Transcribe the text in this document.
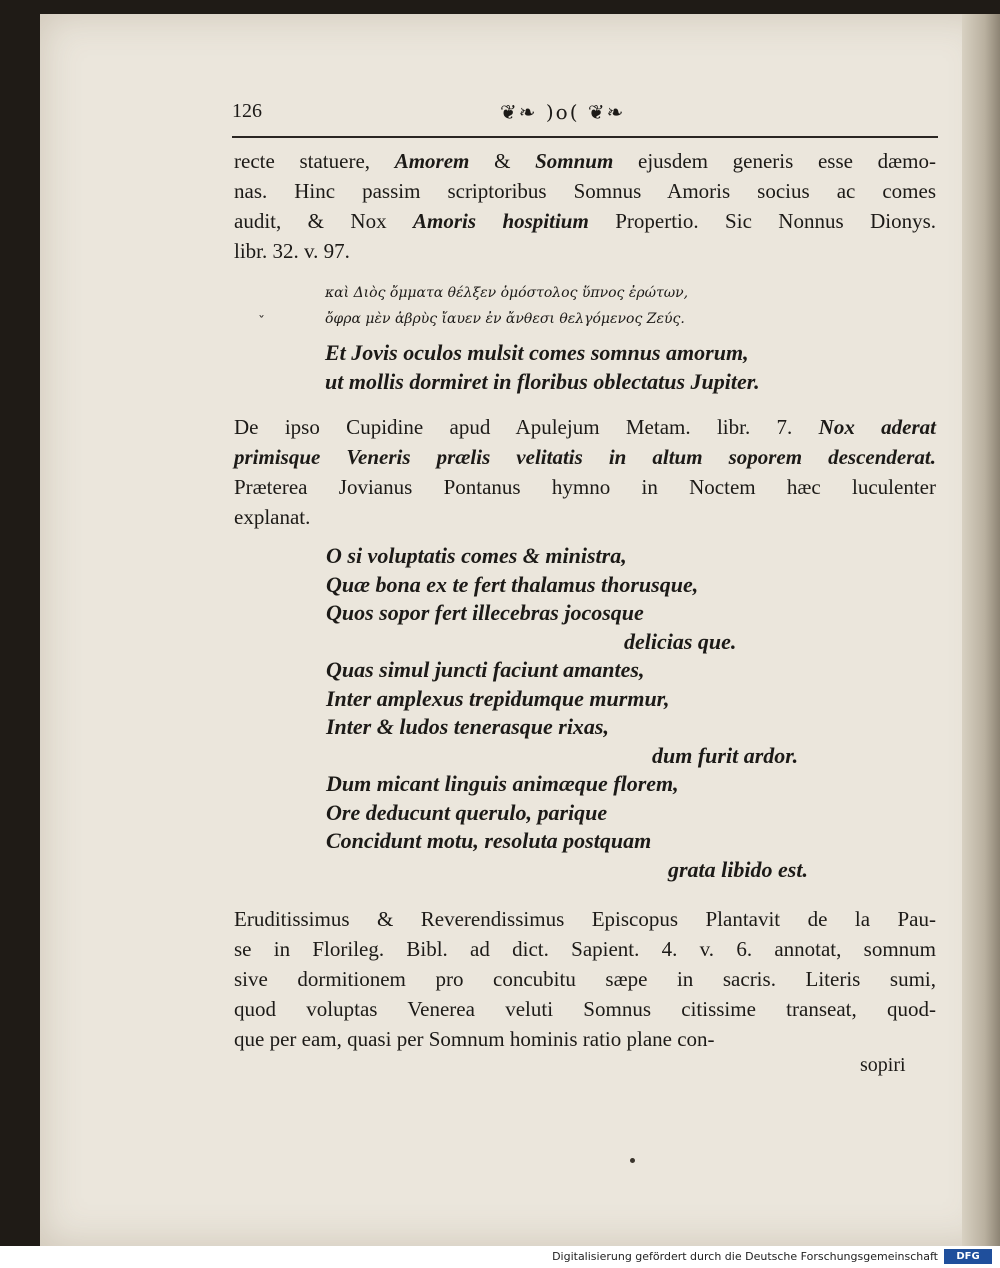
126	❦❧ )o( ❦❧
recte statuere, Amorem & Somnum ejusdem generis esse dæmo-
nas. Hinc passim scriptoribus Somnus Amoris socius ac comes
audit, & Nox Amoris hospitium Propertio. Sic Nonnus Dionys.
libr. 32. v. 97.
ˇ
καὶ Διὸς ὄμματα θέλξεν ὁμόστολος ὕπνος ἐρώτων,
ὄφρα μὲν ἁβρὺς ἴαυεν ἐν ἄνθεσι θελγόμενος Ζεύς.
Et Jovis oculos mulsit comes somnus amorum,
ut mollis dormiret in floribus oblectatus Jupiter.
De ipso Cupidine apud Apulejum Metam. libr. 7. Nox aderat
primisque Veneris prælis velitatis in altum soporem descenderat.
Præterea Jovianus Pontanus hymno in Noctem hæc luculenter
explanat.
O si voluptatis comes & ministra,
Quæ bona ex te fert thalamus thorusque,
Quos sopor fert illecebras jocosque
delicias que.
Quas simul juncti faciunt amantes,
Inter amplexus trepidumque murmur,
Inter & ludos tenerasque rixas,
dum furit ardor.
Dum micant linguis animæque florem,
Ore deducunt querulo, parique
Concidunt motu, resoluta postquam
grata libido est.
Eruditissimus & Reverendissimus Episcopus Plantavit de la Pau-
se in Florileg. Bibl. ad dict. Sapient. 4. v. 6. annotat, somnum
sive dormitionem pro concubitu sæpe in sacris. Literis sumi,
quod voluptas Venerea veluti Somnus citissime transeat, quod-
que per eam, quasi per Somnum hominis ratio plane con-
sopiri
Digitalisierung gefördert durch die Deutsche Forschungsgemeinschaft	DFG
